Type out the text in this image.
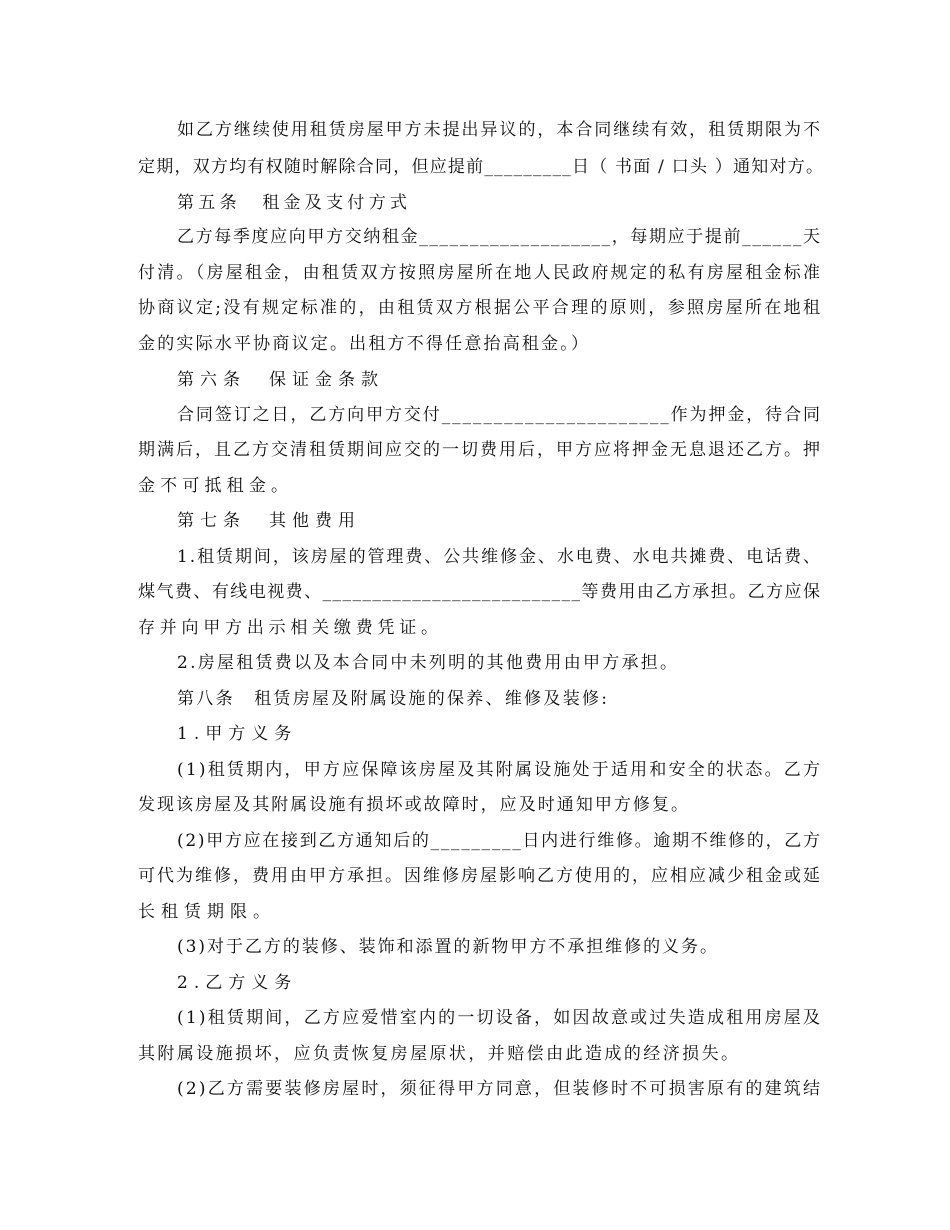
如乙方继续使用租赁房屋甲方未提出异议的，本合同继续有效，租赁期限为不
定期，双方均有权随时解除合同，但应提前_________日（ 书面 / 口头 ）通知对方。
第五条　租金及支付方式
乙方每季度应向甲方交纳租金___________________，每期应于提前______天
付清。（房屋租金，由租赁双方按照房屋所在地人民政府规定的私有房屋租金标准
协商议定;没有规定标准的，由租赁双方根据公平合理的原则，参照房屋所在地租
金的实际水平协商议定。出租方不得任意抬高租金。）
第六条　保证金条款
合同签订之日，乙方向甲方交付______________________作为押金，待合同
期满后，且乙方交清租赁期间应交的一切费用后，甲方应将押金无息退还乙方。押
金不可抵租金。
第七条　其他费用
1.租赁期间，该房屋的管理费、公共维修金、水电费、水电共摊费、电话费、
煤气费、有线电视费、__________________________等费用由乙方承担。乙方应保
存并向甲方出示相关缴费凭证。
2.房屋租赁费以及本合同中未列明的其他费用由甲方承担。
第八条　租赁房屋及附属设施的保养、维修及装修:
1.甲方义务
(1)租赁期内，甲方应保障该房屋及其附属设施处于适用和安全的状态。乙方
发现该房屋及其附属设施有损坏或故障时，应及时通知甲方修复。
(2)甲方应在接到乙方通知后的_________日内进行维修。逾期不维修的，乙方
可代为维修，费用由甲方承担。因维修房屋影响乙方使用的，应相应减少租金或延
长租赁期限。
(3)对于乙方的装修、装饰和添置的新物甲方不承担维修的义务。
2.乙方义务
(1)租赁期间，乙方应爱惜室内的一切设备，如因故意或过失造成租用房屋及
其附属设施损坏，应负责恢复房屋原状，并赔偿由此造成的经济损失。
(2)乙方需要装修房屋时，须征得甲方同意，但装修时不可损害原有的建筑结
